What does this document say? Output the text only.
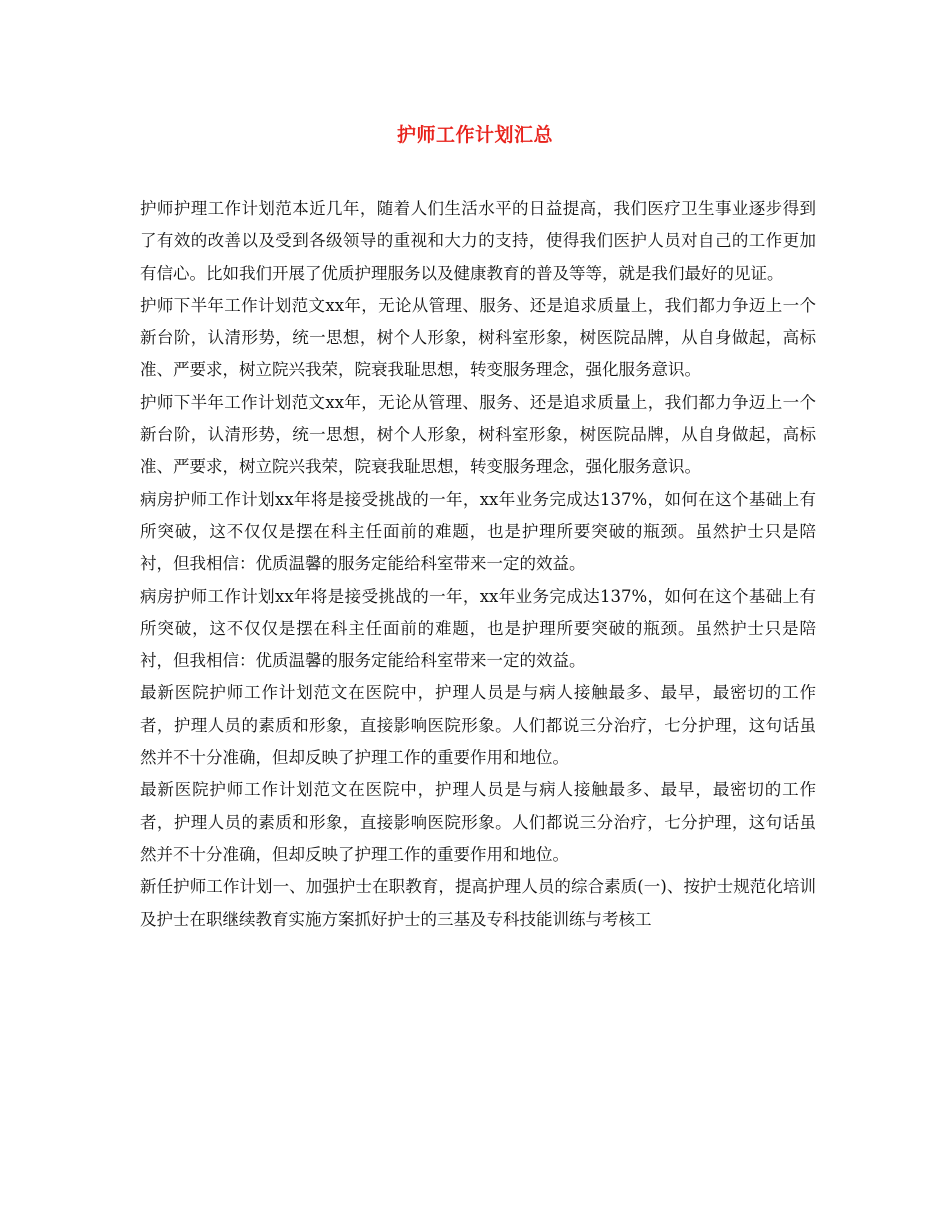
护师工作计划汇总

护师护理工作计划范本近几年，随着人们生活水平的日益提高，我们医疗卫生事业逐步得到了有效的改善以及受到各级领导的重视和大力的支持，使得我们医护人员对自己的工作更加有信心。比如我们开展了优质护理服务以及健康教育的普及等等，就是我们最好的见证。

护师下半年工作计划范文xx年，无论从管理、服务、还是追求质量上，我们都力争迈上一个新台阶，认清形势，统一思想，树个人形象，树科室形象，树医院品牌，从自身做起，高标准、严要求，树立院兴我荣，院衰我耻思想，转变服务理念，强化服务意识。

护师下半年工作计划范文xx年，无论从管理、服务、还是追求质量上，我们都力争迈上一个新台阶，认清形势，统一思想，树个人形象，树科室形象，树医院品牌，从自身做起，高标准、严要求，树立院兴我荣，院衰我耻思想，转变服务理念，强化服务意识。

病房护师工作计划xx年将是接受挑战的一年，xx年业务完成达137%，如何在这个基础上有所突破，这不仅仅是摆在科主任面前的难题，也是护理所要突破的瓶颈。虽然护士只是陪衬，但我相信：优质温馨的服务定能给科室带来一定的效益。

病房护师工作计划xx年将是接受挑战的一年，xx年业务完成达137%，如何在这个基础上有所突破，这不仅仅是摆在科主任面前的难题，也是护理所要突破的瓶颈。虽然护士只是陪衬，但我相信：优质温馨的服务定能给科室带来一定的效益。

最新医院护师工作计划范文在医院中，护理人员是与病人接触最多、最早，最密切的工作者，护理人员的素质和形象，直接影响医院形象。人们都说三分治疗，七分护理，这句话虽然并不十分准确，但却反映了护理工作的重要作用和地位。

最新医院护师工作计划范文在医院中，护理人员是与病人接触最多、最早，最密切的工作者，护理人员的素质和形象，直接影响医院形象。人们都说三分治疗，七分护理，这句话虽然并不十分准确，但却反映了护理工作的重要作用和地位。

新任护师工作计划一、加强护士在职教育，提高护理人员的综合素质(一)、按护士规范化培训及护士在职继续教育实施方案抓好护士的三基及专科技能训练与考核工
